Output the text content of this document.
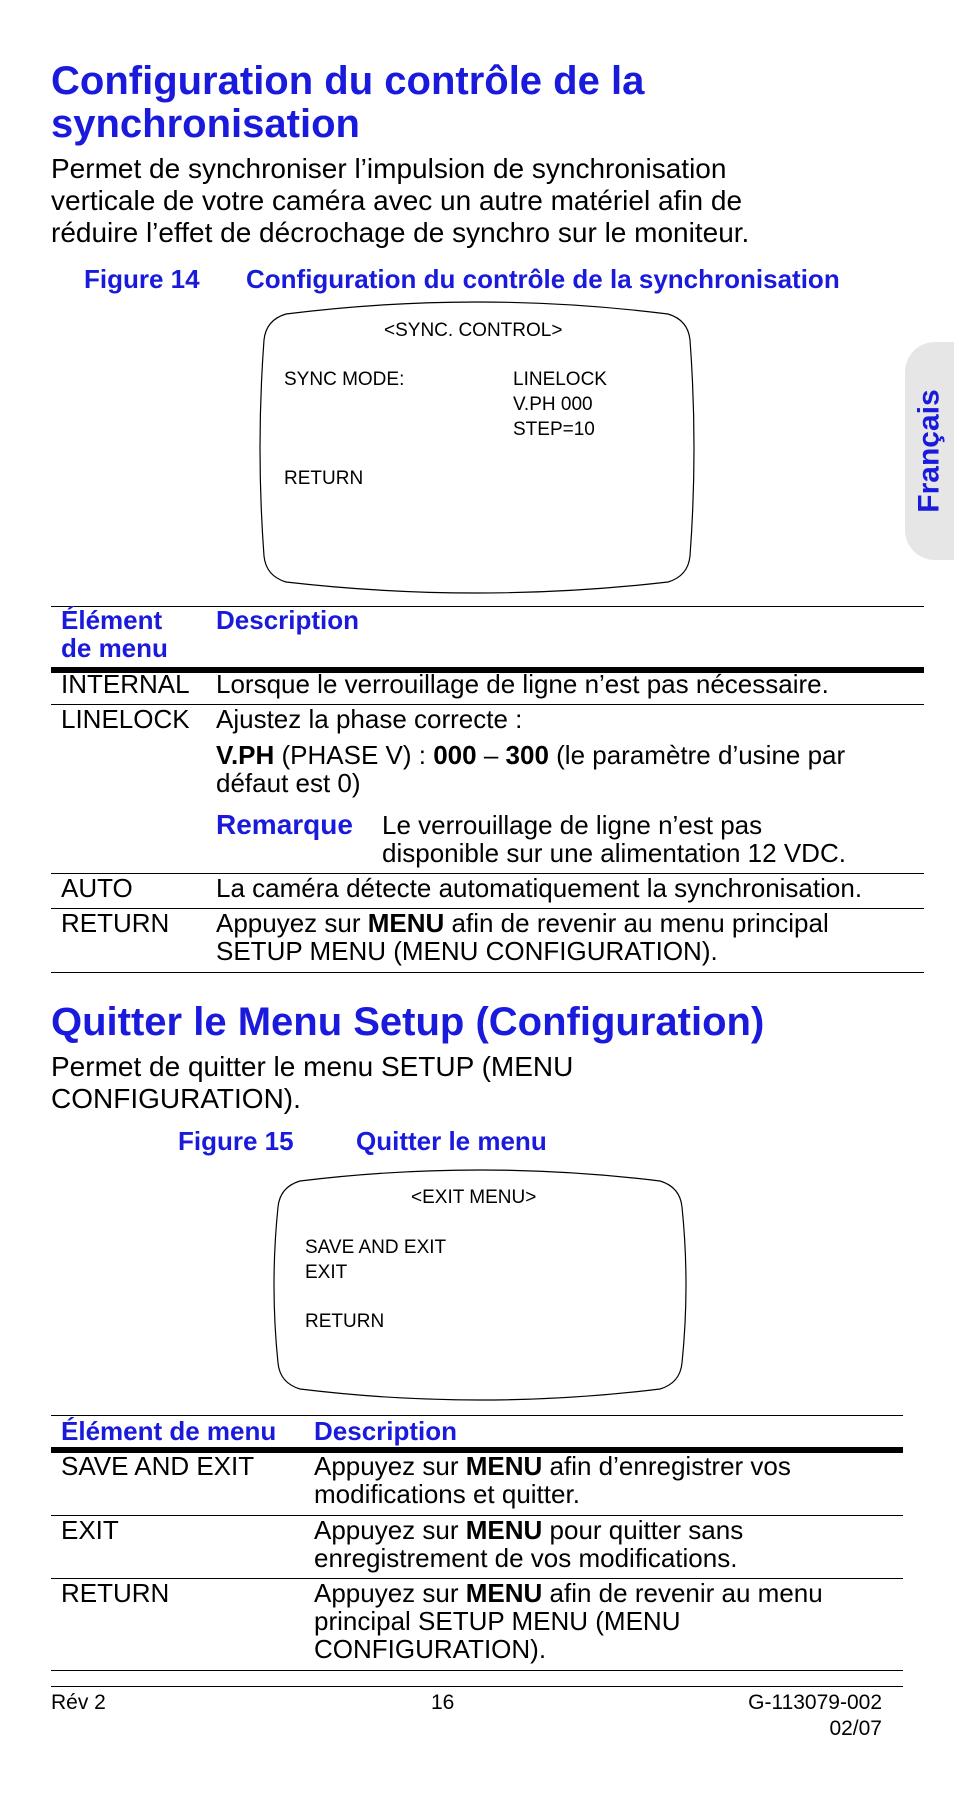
Français
Configuration du contrôle de la
synchronisation

Permet de synchroniser l’impulsion de synchronisation
verticale de votre caméra avec un autre matériel afin de
réduire l’effet de décrochage de synchro sur le moniteur.

Figure 14 Configuration du contrôle de la synchronisation
<SYNC. CONTROL>
SYNC MODE:	LINELOCK
V.PH 000
STEP=10
RETURN
Élément
de menu
Description
INTERNAL Lorsque le verrouillage de ligne n’est pas nécessaire.
LINELOCK Ajustez la phase correcte :
V.PH (PHASE V) : 000 – 300 (le paramètre d’usine par
défaut est 0)
Remarque Le verrouillage de ligne n’est pas
disponible sur une alimentation 12 VDC.
AUTO	La caméra détecte automatiquement la synchronisation.
RETURN Appuyez sur MENU afin de revenir au menu principal
SETUP MENU (MENU CONFIGURATION).
Quitter le Menu Setup (Configuration)

Permet de quitter le menu SETUP (MENU
CONFIGURATION).

Figure 15 Quitter le menu
<EXIT MENU>
SAVE AND EXIT
EXIT
RETURN
Élément de menu Description
SAVE AND EXIT Appuyez sur MENU afin d’enregistrer vos
modifications et quitter.
EXIT	Appuyez sur MENU pour quitter sans
enregistrement de vos modifications.
RETURN	Appuyez sur MENU afin de revenir au menu
principal SETUP MENU (MENU
CONFIGURATION).
Rév 2	16	G-113079-002
02/07
